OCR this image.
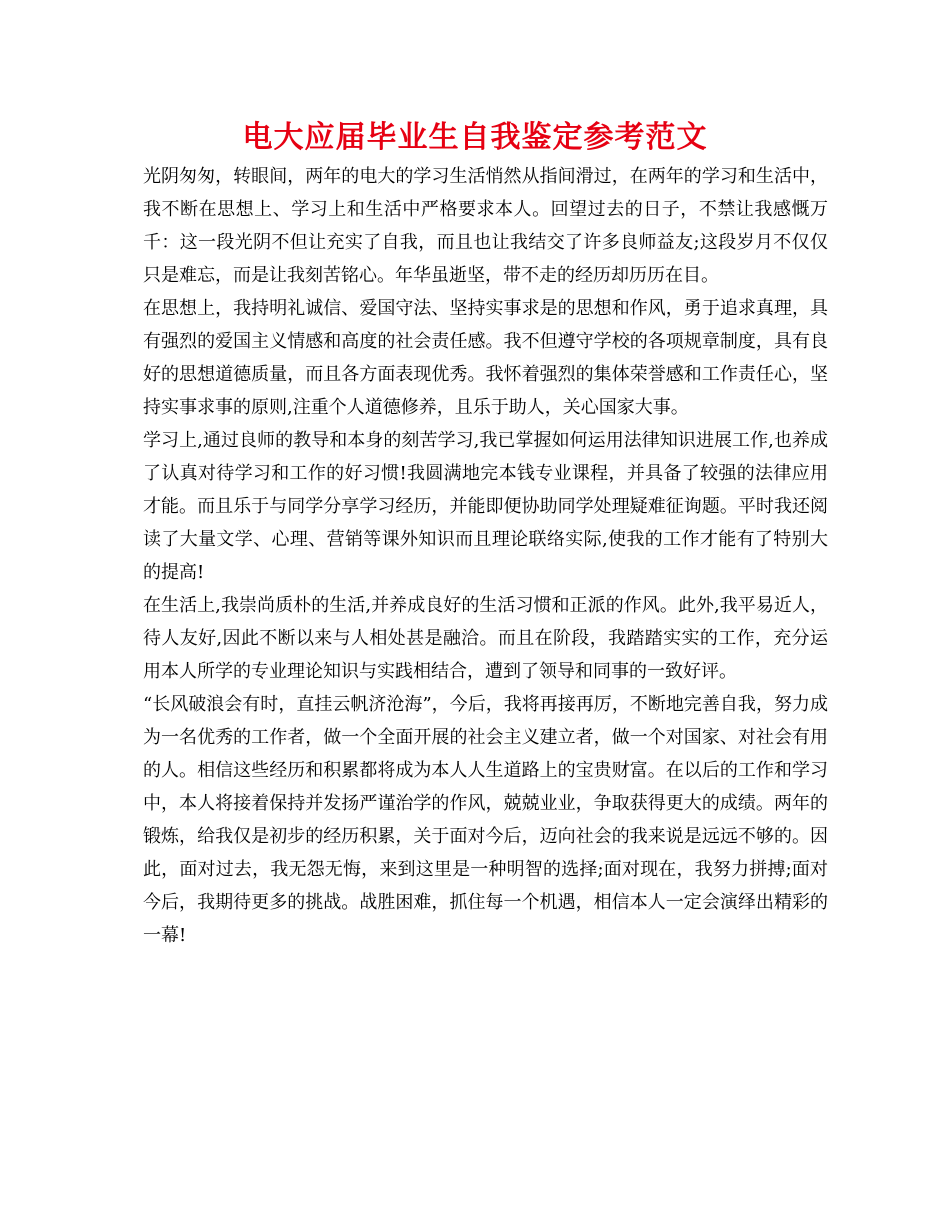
电大应届毕业生自我鉴定参考范文

光阴匆匆，转眼间，两年的电大的学习生活悄然从指间滑过，在两年的学习和生活中，我不断在思想上、学习上和生活中严格要求本人。回望过去的日子，不禁让我感慨万千：这一段光阴不但让充实了自我，而且也让我结交了许多良师益友;这段岁月不仅仅只是难忘，而是让我刻苦铭心。年华虽逝坚，带不走的经历却历历在目。

在思想上，我持明礼诚信、爱国守法、坚持实事求是的思想和作风，勇于追求真理，具有强烈的爱国主义情感和高度的社会责任感。我不但遵守学校的各项规章制度，具有良好的思想道德质量，而且各方面表现优秀。我怀着强烈的集体荣誉感和工作责任心，坚持实事求事的原则,注重个人道德修养，且乐于助人，关心国家大事。

学习上,通过良师的教导和本身的刻苦学习,我已掌握如何运用法律知识进展工作,也养成了认真对待学习和工作的好习惯!我圆满地完本钱专业课程，并具备了较强的法律应用才能。而且乐于与同学分享学习经历，并能即便协助同学处理疑难征询题。平时我还阅读了大量文学、心理、营销等课外知识而且理论联络实际,使我的工作才能有了特别大的提高!

在生活上,我崇尚质朴的生活,并养成良好的生活习惯和正派的作风。此外,我平易近人，待人友好,因此不断以来与人相处甚是融洽。而且在阶段，我踏踏实实的工作，充分运用本人所学的专业理论知识与实践相结合，遭到了领导和同事的一致好评。

“长风破浪会有时，直挂云帆济沧海”，今后，我将再接再厉，不断地完善自我，努力成为一名优秀的工作者，做一个全面开展的社会主义建立者，做一个对国家、对社会有用的人。相信这些经历和积累都将成为本人人生道路上的宝贵财富。在以后的工作和学习中，本人将接着保持并发扬严谨治学的作风，兢兢业业，争取获得更大的成绩。两年的锻炼，给我仅是初步的经历积累，关于面对今后，迈向社会的我来说是远远不够的。因此，面对过去，我无怨无悔，来到这里是一种明智的选择;面对现在，我努力拼搏;面对今后，我期待更多的挑战。战胜困难，抓住每一个机遇，相信本人一定会演绎出精彩的一幕!
